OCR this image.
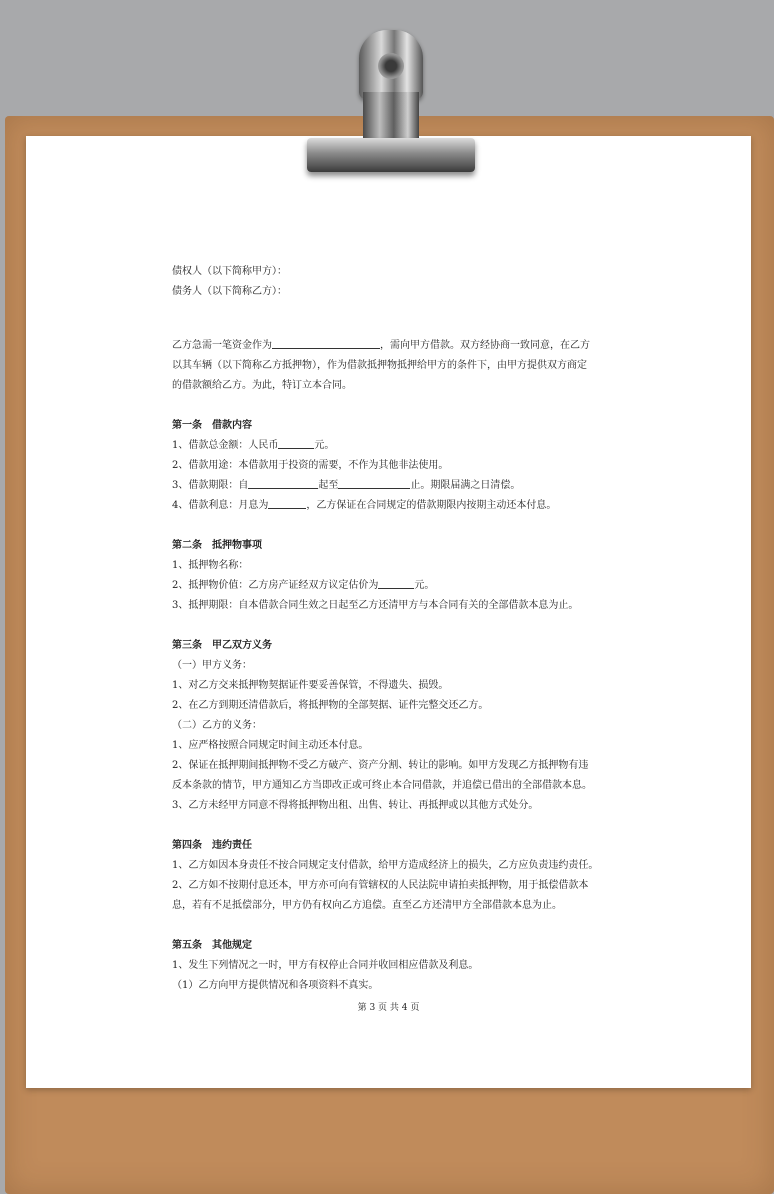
债权人（以下简称甲方）：

债务人（以下简称乙方）：

乙方急需一笔资金作为	，需向甲方借款。双方经协商一致同意，在乙方

以其车辆（以下简称乙方抵押物），作为借款抵押物抵押给甲方的条件下，由甲方提供双方商定

的借款额给乙方。为此，特订立本合同。

第一条　借款内容

1、借款总金额：人民币	元。

2、借款用途：本借款用于投资的需要，不作为其他非法使用。

3、借款期限：自	起至	止。期限届满之日清偿。

4、借款利息：月息为	，乙方保证在合同规定的借款期限内按期主动还本付息。

第二条　抵押物事项

1、抵押物名称：

2、抵押物价值：乙方房产证经双方议定估价为	元。

3、抵押期限：自本借款合同生效之日起至乙方还清甲方与本合同有关的全部借款本息为止。

第三条　甲乙双方义务

（一）甲方义务：

1、对乙方交来抵押物契据证件要妥善保管，不得遗失、损毁。

2、在乙方到期还清借款后，将抵押物的全部契据、证件完整交还乙方。

（二）乙方的义务：

1、应严格按照合同规定时间主动还本付息。

2、保证在抵押期间抵押物不受乙方破产、资产分割、转让的影响。如甲方发现乙方抵押物有违

反本条款的情节，甲方通知乙方当即改正或可终止本合同借款，并追偿已借出的全部借款本息。

3、乙方未经甲方同意不得将抵押物出租、出售、转让、再抵押或以其他方式处分。

第四条　违约责任

1、乙方如因本身责任不按合同规定支付借款，给甲方造成经济上的损失，乙方应负责违约责任。

2、乙方如不按期付息还本，甲方亦可向有管辖权的人民法院申请拍卖抵押物，用于抵偿借款本

息，若有不足抵偿部分，甲方仍有权向乙方追偿。直至乙方还清甲方全部借款本息为止。

第五条　其他规定

1、发生下列情况之一时，甲方有权停止合同并收回相应借款及利息。

（1）乙方向甲方提供情况和各项资料不真实。

第 3 页 共 4 页
